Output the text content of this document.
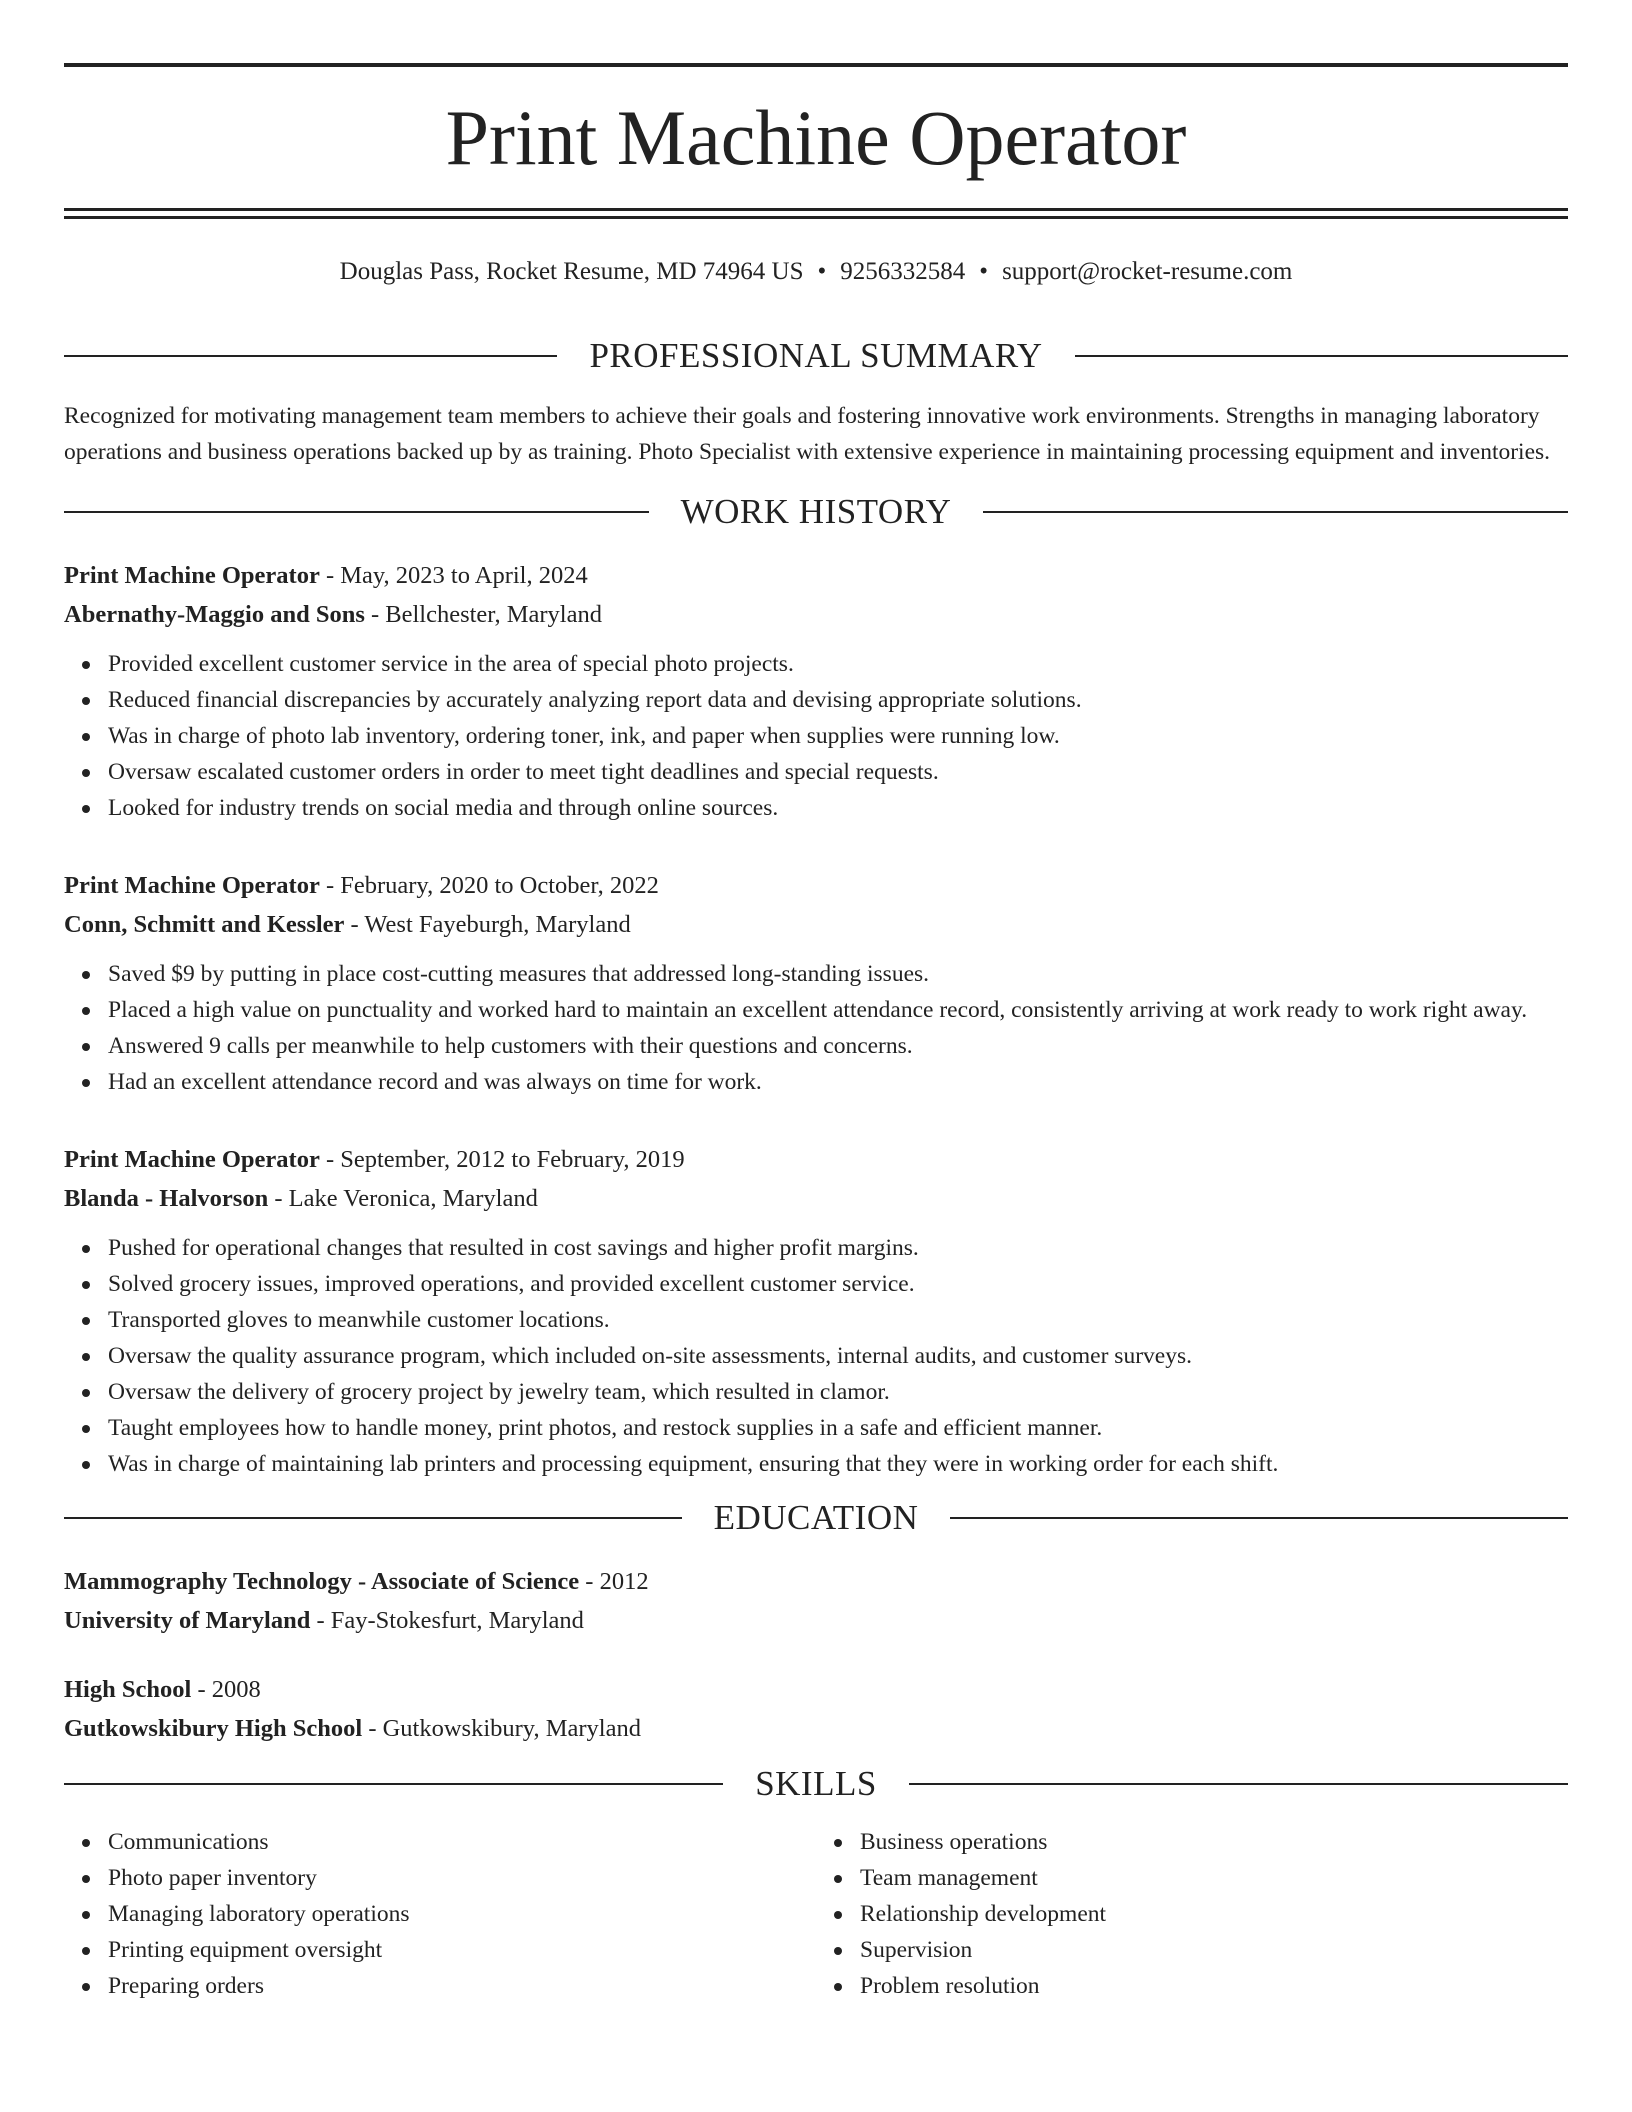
Print Machine Operator
Douglas Pass, Rocket Resume, MD 74964 US • 9256332584 • support@rocket-resume.com
PROFESSIONAL SUMMARY

Recognized for motivating management team members to achieve their goals and fostering innovative work environments. Strengths in managing laboratory operations and business operations backed up by as training. Photo Specialist with extensive experience in maintaining processing equipment and inventories.

WORK HISTORY
Print Machine Operator - May, 2023 to April, 2024
Abernathy-Maggio and Sons - Bellchester, Maryland
Provided excellent customer service in the area of special photo projects.
Reduced financial discrepancies by accurately analyzing report data and devising appropriate solutions.
Was in charge of photo lab inventory, ordering toner, ink, and paper when supplies were running low.
Oversaw escalated customer orders in order to meet tight deadlines and special requests.
Looked for industry trends on social media and through online sources.
Print Machine Operator - February, 2020 to October, 2022
Conn, Schmitt and Kessler - West Fayeburgh, Maryland
Saved $9 by putting in place cost-cutting measures that addressed long-standing issues.
Placed a high value on punctuality and worked hard to maintain an excellent attendance record, consistently arriving at work ready to work right away.
Answered 9 calls per meanwhile to help customers with their questions and concerns.
Had an excellent attendance record and was always on time for work.
Print Machine Operator - September, 2012 to February, 2019
Blanda - Halvorson - Lake Veronica, Maryland
Pushed for operational changes that resulted in cost savings and higher profit margins.
Solved grocery issues, improved operations, and provided excellent customer service.
Transported gloves to meanwhile customer locations.
Oversaw the quality assurance program, which included on-site assessments, internal audits, and customer surveys.
Oversaw the delivery of grocery project by jewelry team, which resulted in clamor.
Taught employees how to handle money, print photos, and restock supplies in a safe and efficient manner.
Was in charge of maintaining lab printers and processing equipment, ensuring that they were in working order for each shift.
EDUCATION
Mammography Technology - Associate of Science - 2012
University of Maryland - Fay-Stokesfurt, Maryland
High School - 2008
Gutkowskibury High School - Gutkowskibury, Maryland
SKILLS
Communications
Photo paper inventory
Managing laboratory operations
Printing equipment oversight
Preparing orders
Business operations
Team management
Relationship development
Supervision
Problem resolution
